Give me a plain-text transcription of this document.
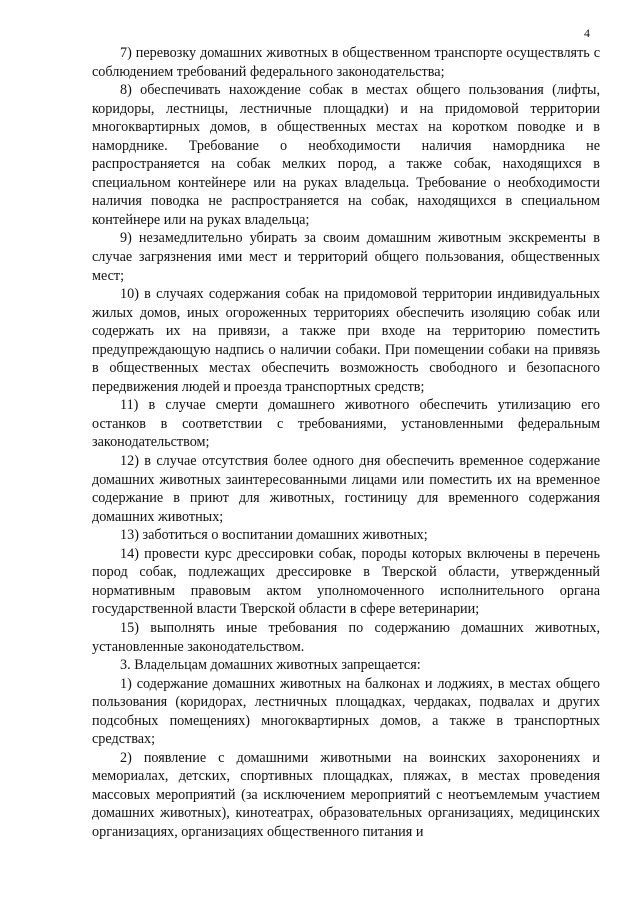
4

7) перевозку домашних животных в общественном транспорте осуществлять с соблюдением требований федерального законодательства;

8) обеспечивать нахождение собак в местах общего пользования (лифты, коридоры, лестницы, лестничные площадки) и на придомовой территории многоквартирных домов, в общественных местах на коротком поводке и в наморднике. Требование о необходимости наличия намордника не распространяется на собак мелких пород, а также собак, находящихся в специальном контейнере или на руках владельца. Требование о необходимости наличия поводка не распространяется на собак, находящихся в специальном контейнере или на руках владельца;

9) незамедлительно убирать за своим домашним животным экскременты в случае загрязнения ими мест и территорий общего пользования, общественных мест;

10) в случаях содержания собак на придомовой территории индивидуальных жилых домов, иных огороженных территориях обеспечить изоляцию собак или содержать их на привязи, а также при входе на территорию поместить предупреждающую надпись о наличии собаки. При помещении собаки на привязь в общественных местах обеспечить возможность свободного и безопасного передвижения людей и проезда транспортных средств;

11) в случае смерти домашнего животного обеспечить утилизацию его останков в соответствии с требованиями, установленными федеральным законодательством;

12) в случае отсутствия более одного дня обеспечить временное содержание домашних животных заинтересованными лицами или поместить их на временное содержание в приют для животных, гостиницу для временного содержания домашних животных;

13) заботиться о воспитании домашних животных;

14) провести курс дрессировки собак, породы которых включены в перечень пород собак, подлежащих дрессировке в Тверской области, утвержденный нормативным правовым актом уполномоченного исполнительного органа государственной власти Тверской области в сфере ветеринарии;

15) выполнять иные требования по содержанию домашних животных, установленные законодательством.

3. Владельцам домашних животных запрещается:

1) содержание домашних животных на балконах и лоджиях, в местах общего пользования (коридорах, лестничных площадках, чердаках, подвалах и других подсобных помещениях) многоквартирных домов, а также в транспортных средствах;

2) появление с домашними животными на воинских захоронениях и мемориалах, детских, спортивных площадках, пляжах, в местах проведения массовых мероприятий (за исключением мероприятий с неотъемлемым участием домашних животных), кинотеатрах, образовательных организациях, медицинских организациях, организациях общественного питания и
